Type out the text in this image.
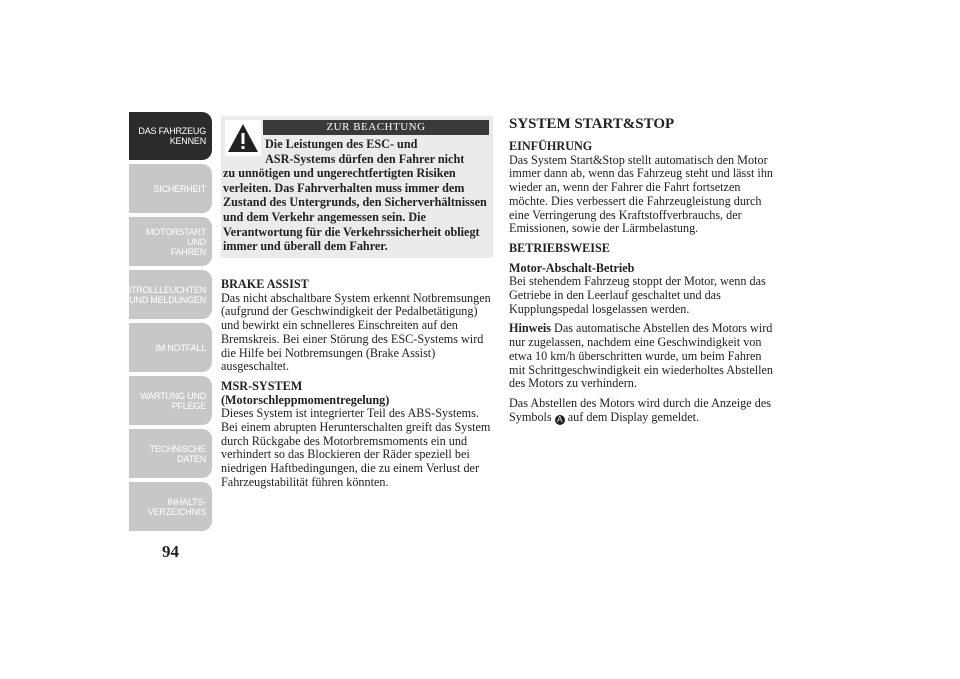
DAS FAHRZEUG
KENNEN
SICHERHEIT
MOTORSTART UND
FAHREN
KONTROLLLEUCHTEN
UND MELDUNGEN
IM NOTFALL
WARTUNG UND
PFLEGE
TECHNISCHE
DATEN
INHALTS-
VERZEICHNIS
94
ZUR BEACHTUNG
Die Leistungen des ESC- und
ASR-Systems dürfen den Fahrer nicht
zu unnötigen und ungerechtfertigten Risiken verleiten. Das Fahrverhalten muss immer dem Zustand des Untergrunds, den Sicherverhältnissen und dem Verkehr angemessen sein. Die Verantwortung für die Verkehrssicherheit obliegt immer und überall dem Fahrer.
BRAKE ASSIST

Das nicht abschaltbare System erkennt Notbremsungen (aufgrund der Geschwindigkeit der Pedalbetätigung) und bewirkt ein schnelleres Einschreiten auf den Bremskreis. Bei einer Störung des ESC-Systems wird die Hilfe bei Notbremsungen (Brake Assist) ausgeschaltet.

MSR-SYSTEM
(Motorschleppmomentregelung)

Dieses System ist integrierter Teil des ABS-Systems. Bei einem abrupten Herunterschalten greift das System durch Rückgabe des Motorbremsmoments ein und verhindert so das Blockieren der Räder speziell bei niedrigen Haftbedingungen, die zu einem Verlust der Fahrzeugstabilität führen könnten.

SYSTEM START&STOP
EINFÜHRUNG

Das System Start&Stop stellt automatisch den Motor immer dann ab, wenn das Fahrzeug steht und lässt ihn wieder an, wenn der Fahrer die Fahrt fortsetzen möchte. Dies verbessert die Fahrzeugleistung durch eine Verringerung des Kraftstoffverbrauchs, der Emissionen, sowie der Lärmbelastung.

BETRIEBSWEISE
Motor-Abschalt-Betrieb

Bei stehendem Fahrzeug stoppt der Motor, wenn das Getriebe in den Leerlauf geschaltet und das Kupplungspedal losgelassen werden.

Hinweis Das automatische Abstellen des Motors wird nur zugelassen, nachdem eine Geschwindigkeit von etwa 10 km/h überschritten wurde, um beim Fahren mit Schrittgeschwindigkeit ein wiederholtes Abstellen des Motors zu verhindern.

Das Abstellen des Motors wird durch die Anzeige des Symbols A auf dem Display gemeldet.
